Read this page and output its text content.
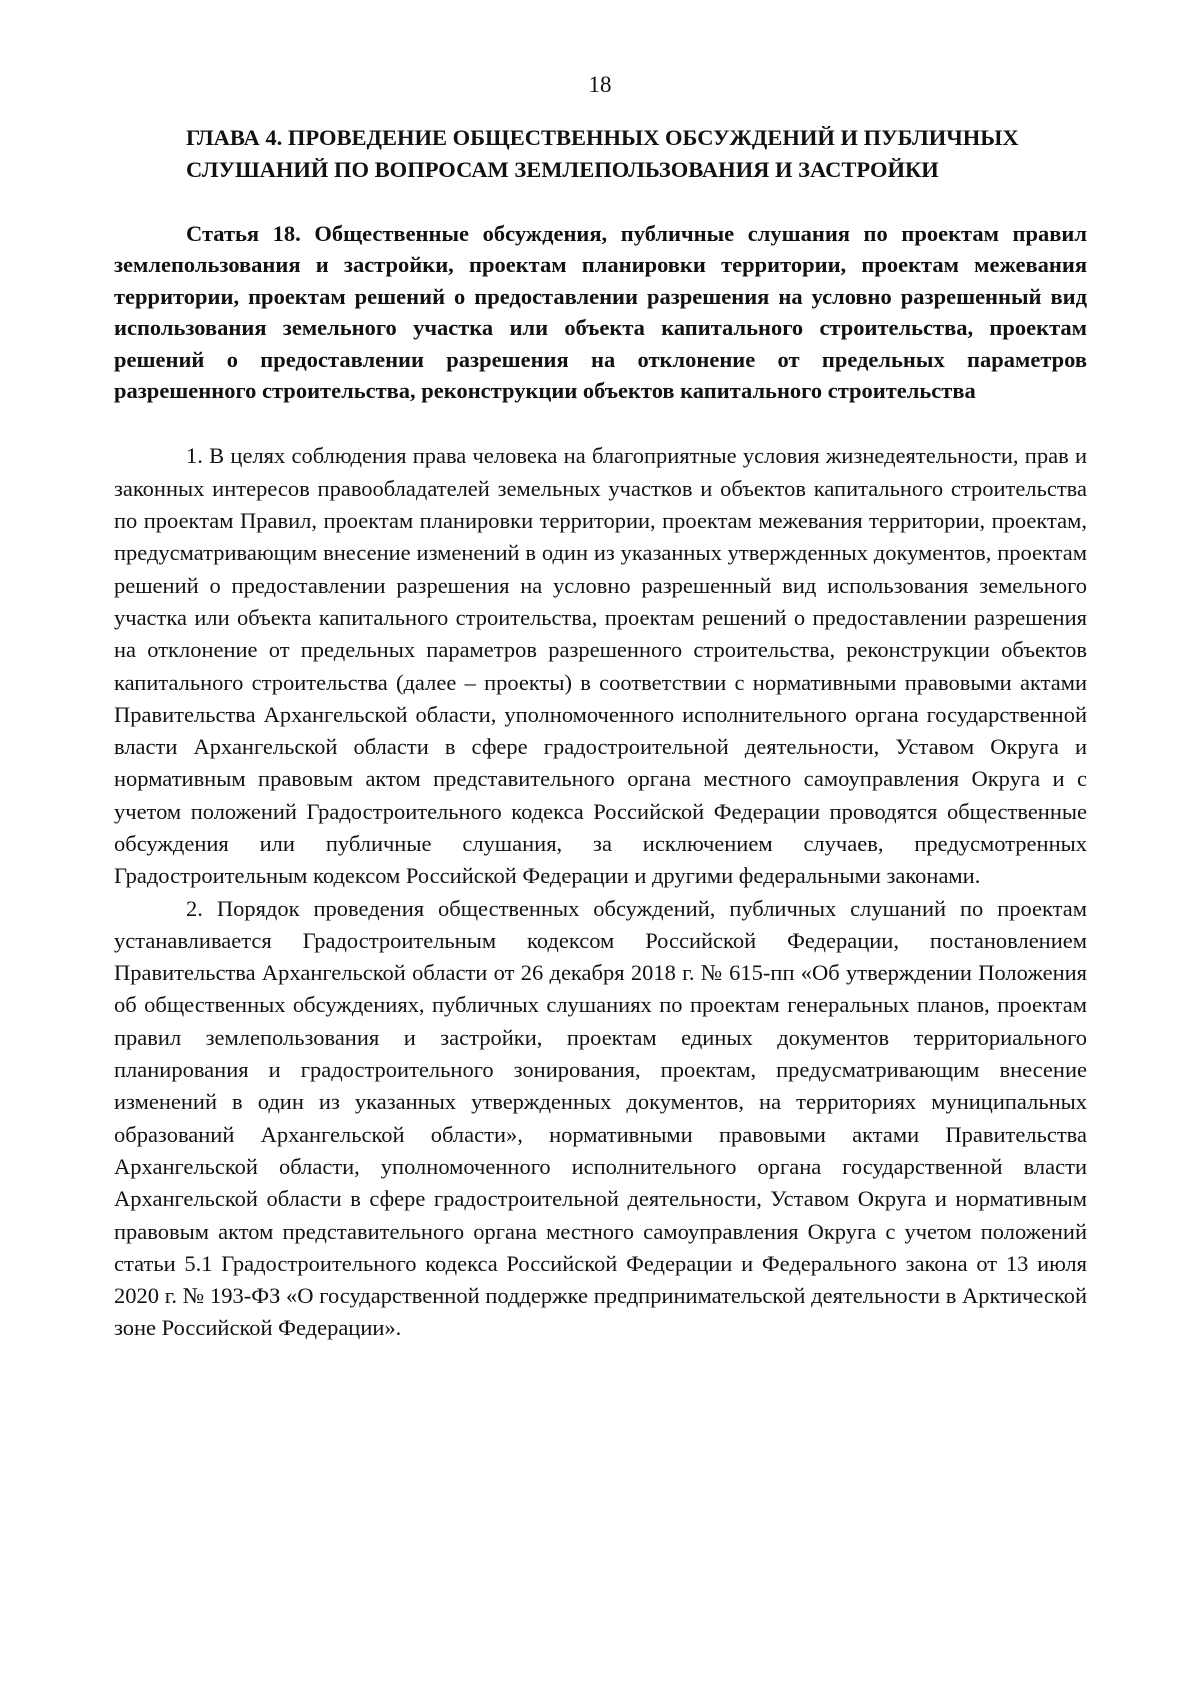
18
ГЛАВА 4. ПРОВЕДЕНИЕ ОБЩЕСТВЕННЫХ ОБСУЖДЕНИЙ И ПУБЛИЧНЫХ СЛУШАНИЙ ПО ВОПРОСАМ ЗЕМЛЕПОЛЬЗОВАНИЯ И ЗАСТРОЙКИ
Статья 18. Общественные обсуждения, публичные слушания по проектам правил землепользования и застройки, проектам планировки территории, проектам межевания территории, проектам решений о предоставлении разрешения на условно разрешенный вид использования земельного участка или объекта капитального строительства, проектам решений о предоставлении разрешения на отклонение от предельных параметров разрешенного строительства, реконструкции объектов капитального строительства

1. В целях соблюдения права человека на благоприятные условия жизнедеятельности, прав и законных интересов правообладателей земельных участков и объектов капитального строительства по проектам Правил, проектам планировки территории, проектам межевания территории, проектам, предусматривающим внесение изменений в один из указанных утвержденных документов, проектам решений о предоставлении разрешения на условно разрешенный вид использования земельного участка или объекта капитального строительства, проектам решений о предоставлении разрешения на отклонение от предельных параметров разрешенного строительства, реконструкции объектов капитального строительства (далее – проекты) в соответствии с нормативными правовыми актами Правительства Архангельской области, уполномоченного исполнительного органа государственной власти Архангельской области в сфере градостроительной деятельности, Уставом Округа и нормативным правовым актом представительного органа местного самоуправления Округа и с учетом положений Градостроительного кодекса Российской Федерации проводятся общественные обсуждения или публичные слушания, за исключением случаев, предусмотренных Градостроительным кодексом Российской Федерации и другими федеральными законами.

2. Порядок проведения общественных обсуждений, публичных слушаний по проектам устанавливается Градостроительным кодексом Российской Федерации, постановлением Правительства Архангельской области от 26 декабря 2018 г. № 615-пп «Об утверждении Положения об общественных обсуждениях, публичных слушаниях по проектам генеральных планов, проектам правил землепользования и застройки, проектам единых документов территориального планирования и градостроительного зонирования, проектам, предусматривающим внесение изменений в один из указанных утвержденных документов, на территориях муниципальных образований Архангельской области», нормативными правовыми актами Правительства Архангельской области, уполномоченного исполнительного органа государственной власти Архангельской области в сфере градостроительной деятельности, Уставом Округа и нормативным правовым актом представительного органа местного самоуправления Округа с учетом положений статьи 5.1 Градостроительного кодекса Российской Федерации и Федерального закона от 13 июля 2020 г. № 193-ФЗ «О государственной поддержке предпринимательской деятельности в Арктической зоне Российской Федерации».
